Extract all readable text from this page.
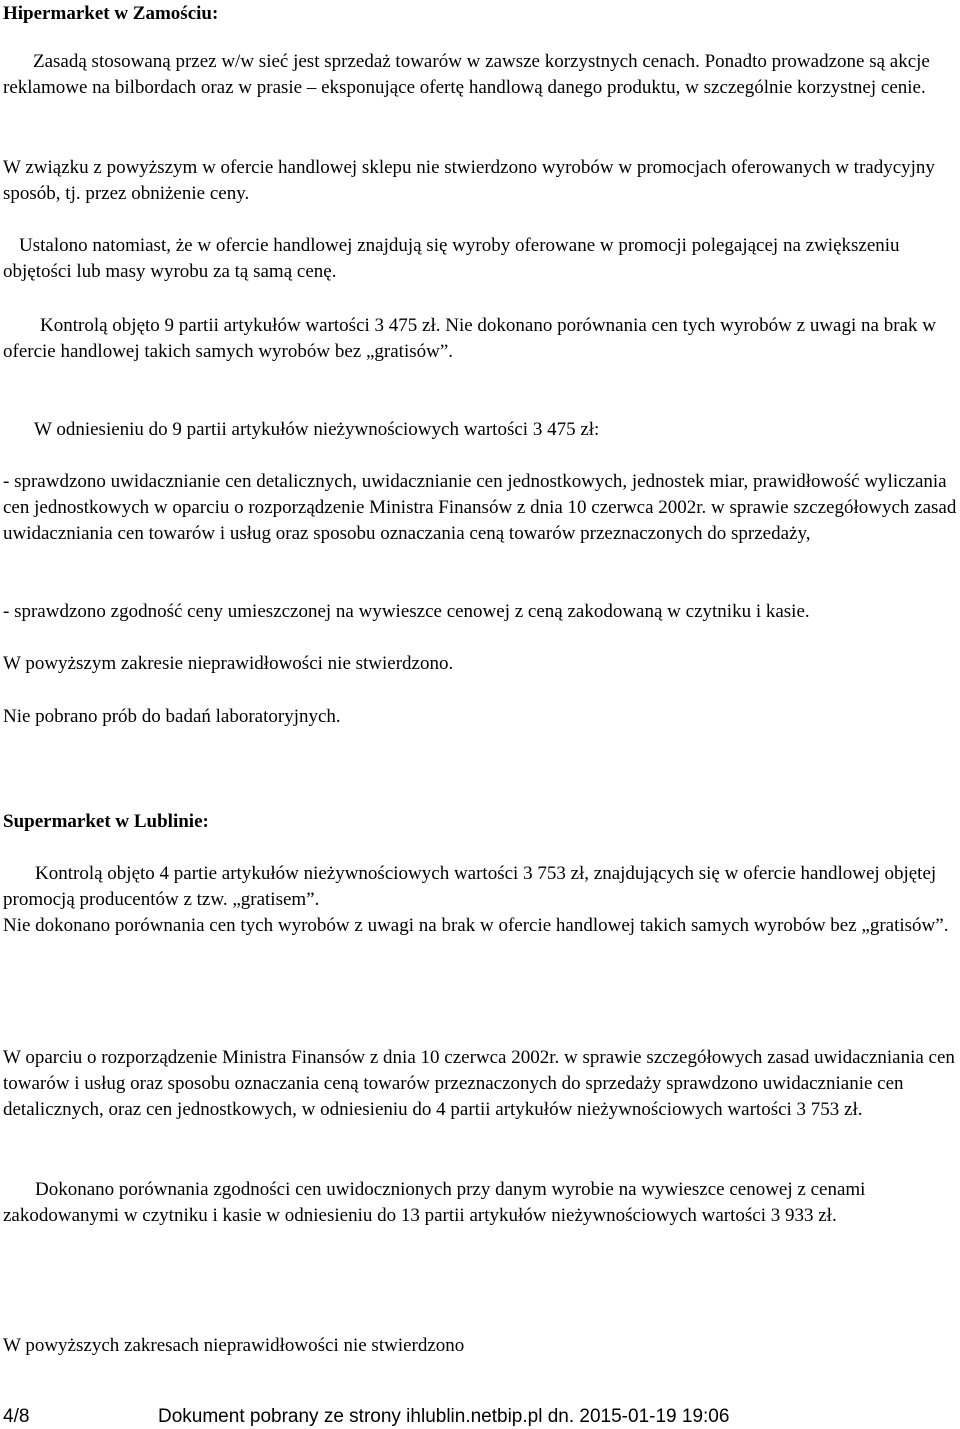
Hipermarket w Zamościu:

Zasadą stosowaną przez w/w sieć jest sprzedaż towarów w zawsze korzystnych cenach. Ponadto prowadzone są akcje reklamowe na bilbordach oraz w prasie – eksponujące ofertę handlową danego produktu, w szczególnie korzystnej cenie.

W związku z powyższym w ofercie handlowej sklepu nie stwierdzono wyrobów w promocjach oferowanych w tradycyjny sposób, tj. przez obniżenie ceny.

Ustalono natomiast, że w ofercie handlowej znajdują się wyroby oferowane w promocji polegającej na zwiększeniu objętości lub masy wyrobu za tą samą cenę.

Kontrolą objęto 9 partii artykułów wartości 3 475 zł. Nie dokonano porównania cen tych wyrobów z uwagi na brak w ofercie handlowej takich samych wyrobów bez „gratisów”.

W odniesieniu do 9 partii artykułów nieżywnościowych wartości 3 475 zł:

- sprawdzono uwidacznianie cen detalicznych, uwidacznianie cen jednostkowych, jednostek miar, prawidłowość wyliczania cen jednostkowych w oparciu o rozporządzenie Ministra Finansów z dnia 10 czerwca 2002r. w sprawie szczegółowych zasad uwidaczniania cen towarów i usług oraz sposobu oznaczania ceną towarów przeznaczonych do sprzedaży,

- sprawdzono zgodność ceny umieszczonej na wywieszce cenowej z ceną zakodowaną w czytniku i kasie.

W powyższym zakresie nieprawidłowości nie stwierdzono.

Nie pobrano prób do badań laboratoryjnych.

Supermarket w Lublinie:

Kontrolą objęto 4 partie artykułów nieżywnościowych wartości 3 753 zł, znajdujących się w ofercie handlowej objętej promocją producentów z tzw. „gratisem”.

Nie dokonano porównania cen tych wyrobów z uwagi na brak w ofercie handlowej takich samych wyrobów bez „gratisów”.

W oparciu o rozporządzenie Ministra Finansów z dnia 10 czerwca 2002r. w sprawie szczegółowych zasad uwidaczniania cen towarów i usług oraz sposobu oznaczania ceną towarów przeznaczonych do sprzedaży sprawdzono uwidacznianie cen detalicznych, oraz cen jednostkowych, w odniesieniu do 4 partii artykułów nieżywnościowych wartości 3 753 zł.

Dokonano porównania zgodności cen uwidocznionych przy danym wyrobie na wywieszce cenowej z cenami zakodowanymi w czytniku i kasie w odniesieniu do 13 partii artykułów nieżywnościowych wartości 3 933 zł.

W powyższych zakresach nieprawidłowości nie stwierdzono

4/8	Dokument pobrany ze strony ihlublin.netbip.pl dn. 2015-01-19 19:06
